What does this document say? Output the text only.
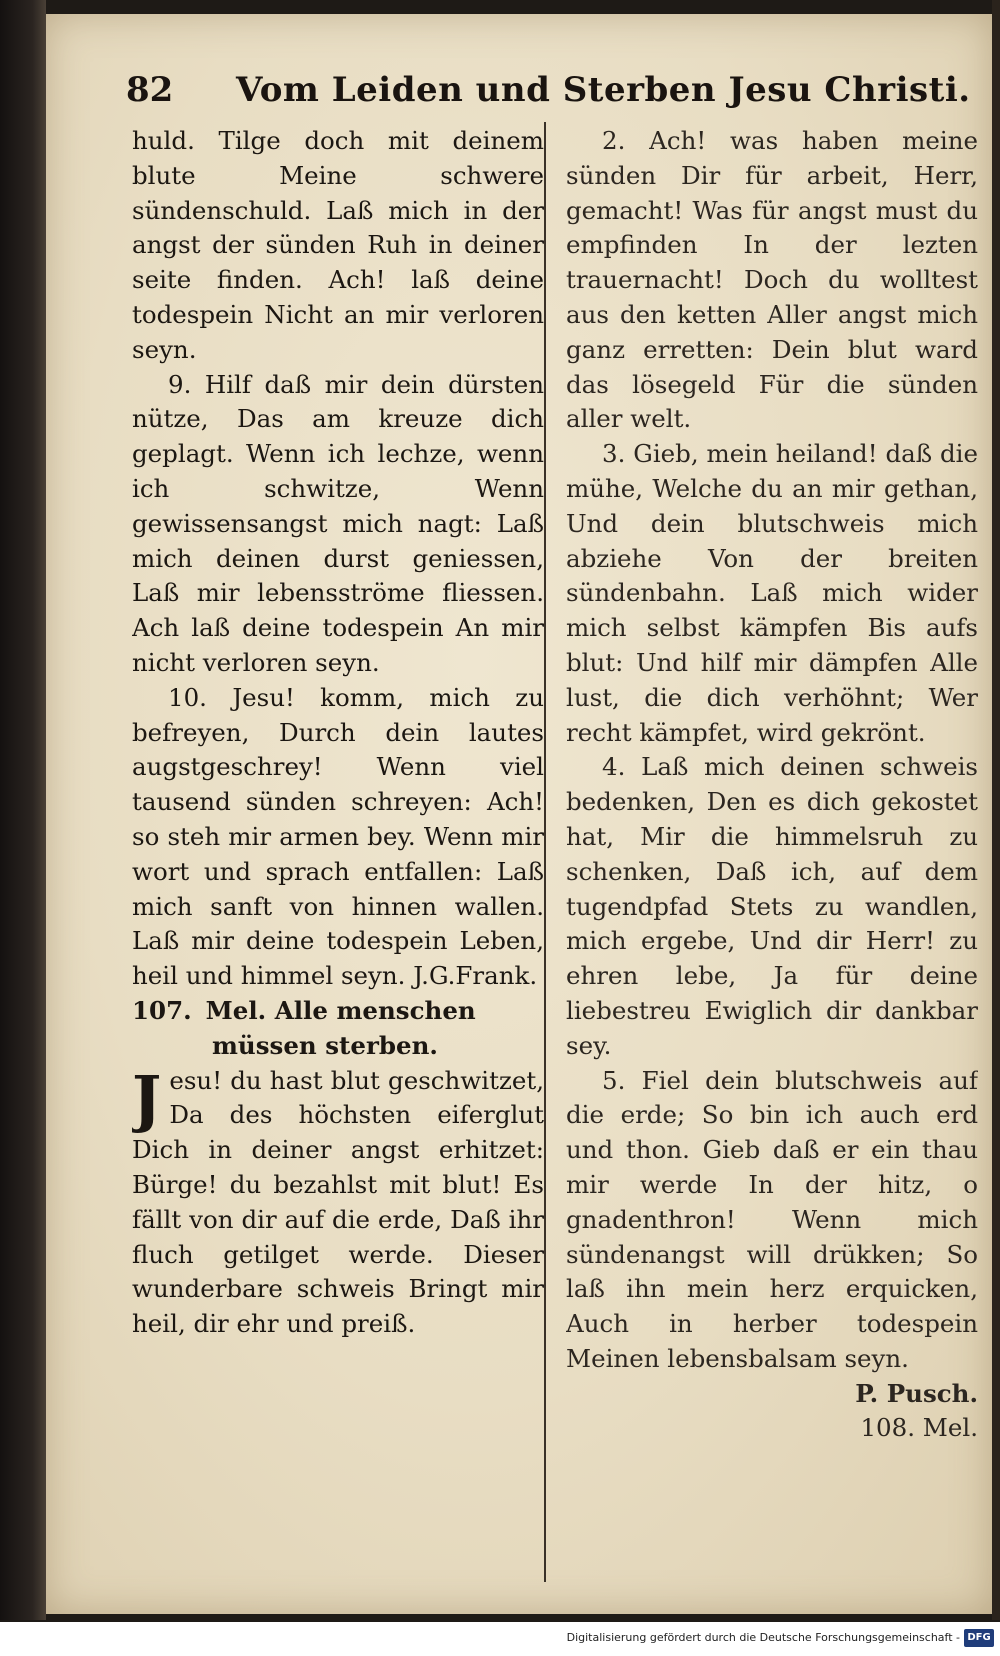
82 Vom Leiden und Sterben Jesu Christi.

huld. Tilge doch mit deinem blute Meine schwere sündenschuld. Laß mich in der angst der sünden Ruh in deiner seite finden. Ach! laß deine todespein Nicht an mir verloren seyn.

9. Hilf daß mir dein dürsten nütze, Das am kreuze dich geplagt. Wenn ich lechze, wenn ich schwitze, Wenn gewissensangst mich nagt: Laß mich deinen durst geniessen, Laß mir lebensströme fliessen. Ach laß deine todespein An mir nicht verloren seyn.

10. Jesu! komm, mich zu befreyen, Durch dein lautes augstgeschrey! Wenn viel tausend sünden schreyen: Ach! so steh mir armen bey. Wenn mir wort und sprach entfallen: Laß mich sanft von hinnen wallen. Laß mir deine todespein Leben, heil und himmel seyn. J.G.Frank.

107. Mel. Alle menschen

müssen sterben.

Jesu! du hast blut geschwitzet, Da des höchsten eiferglut Dich in deiner angst erhitzet: Bürge! du bezahlst mit blut! Es fällt von dir auf die erde, Daß ihr fluch getilget werde. Dieser wunderbare schweis Bringt mir heil, dir ehr und preiß.

2. Ach! was haben meine sünden Dir für arbeit, Herr, gemacht! Was für angst must du empfinden In der lezten trauernacht! Doch du wolltest aus den ketten Aller angst mich ganz erretten: Dein blut ward das lösegeld Für die sünden aller welt.

3. Gieb, mein heiland! daß die mühe, Welche du an mir gethan, Und dein blutschweis mich abziehe Von der breiten sündenbahn. Laß mich wider mich selbst kämpfen Bis aufs blut: Und hilf mir dämpfen Alle lust, die dich verhöhnt; Wer recht kämpfet, wird gekrönt.

4. Laß mich deinen schweis bedenken, Den es dich gekostet hat, Mir die himmelsruh zu schenken, Daß ich, auf dem tugendpfad Stets zu wandlen, mich ergebe, Und dir Herr! zu ehren lebe, Ja für deine liebestreu Ewiglich dir dankbar sey.

5. Fiel dein blutschweis auf die erde; So bin ich auch erd und thon. Gieb daß er ein thau mir werde In der hitz, o gnadenthron! Wenn mich sündenangst will drükken; So laß ihn mein herz erquicken, Auch in herber todespein Meinen lebensbalsam seyn.

P. Pusch.

108. Mel.

Digitalisierung gefördert durch die Deutsche Forschungsgemeinschaft - DFG
